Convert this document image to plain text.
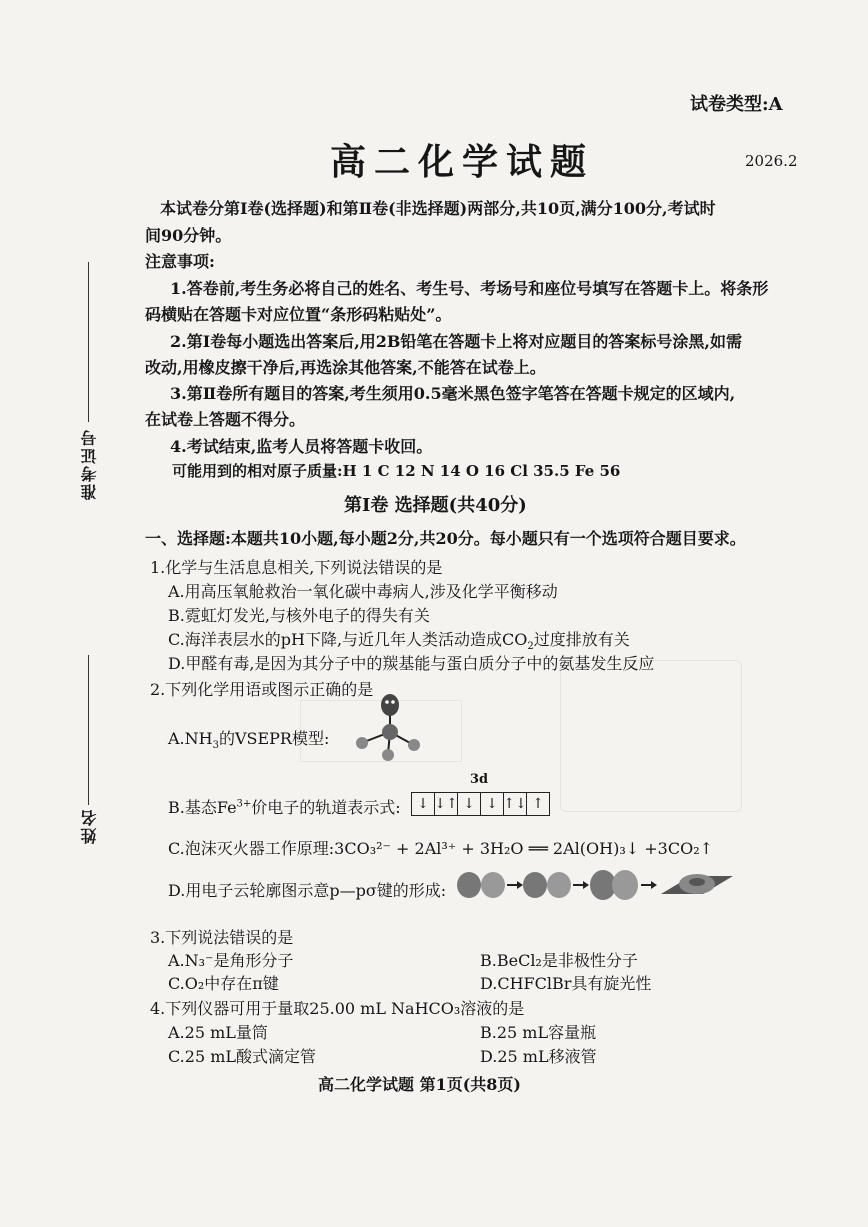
试卷类型:A
高二化学试题	2026.2
本试卷分第Ⅰ卷(选择题)和第Ⅱ卷(非选择题)两部分,共10页,满分100分,考试时
间90分钟。
注意事项:
1.答卷前,考生务必将自己的姓名、考生号、考场号和座位号填写在答题卡上。将条形
码横贴在答题卡对应位置“条形码粘贴处”。
2.第Ⅰ卷每小题选出答案后,用2B铅笔在答题卡上将对应题目的答案标号涂黑,如需
改动,用橡皮擦干净后,再选涂其他答案,不能答在试卷上。
3.第Ⅱ卷所有题目的答案,考生须用0.5毫米黑色签字笔答在答题卡规定的区域内,
在试卷上答题不得分。
4.考试结束,监考人员将答题卡收回。
可能用到的相对原子质量:H 1 C 12 N 14 O 16 Cl 35.5 Fe 56
第Ⅰ卷 选择题(共40分)
一、选择题:本题共10小题,每小题2分,共20分。每小题只有一个选项符合题目要求。
准考证号
姓名
1.化学与生活息息相关,下列说法错误的是
A.用高压氧舱救治一氧化碳中毒病人,涉及化学平衡移动
B.霓虹灯发光,与核外电子的得失有关
C.海洋表层水的pH下降,与近几年人类活动造成$CO_2$过度排放有关
D.甲醛有毒,是因为其分子中的羰基能与蛋白质分子中的氨基发生反应
2.下列化学用语或图示正确的是
$A.NH_3$的VSEPR模型:
B.基态$Fe^{3+}$价电子的轨道表示式:
3d
↓ ↓↑ ↓ ↓ ↑↓ ↑
C.泡沫灭火器工作原理:3CO₃²⁻ + 2Al³⁺ + 3H₂O ══ 2Al(OH)₃↓ +3CO₂↑
D.用电子云轮廓图示意p—pσ键的形成:
3.下列说法错误的是
A.N₃⁻是角形分子	B.BeCl₂是非极性分子
C.O₂中存在π键	D.CHFClBr具有旋光性
4.下列仪器可用于量取25.00 mL NaHCO₃溶液的是
A.25 mL量筒	B.25 mL容量瓶
C.25 mL酸式滴定管	D.25 mL移液管
高二化学试题 第1页(共8页)
